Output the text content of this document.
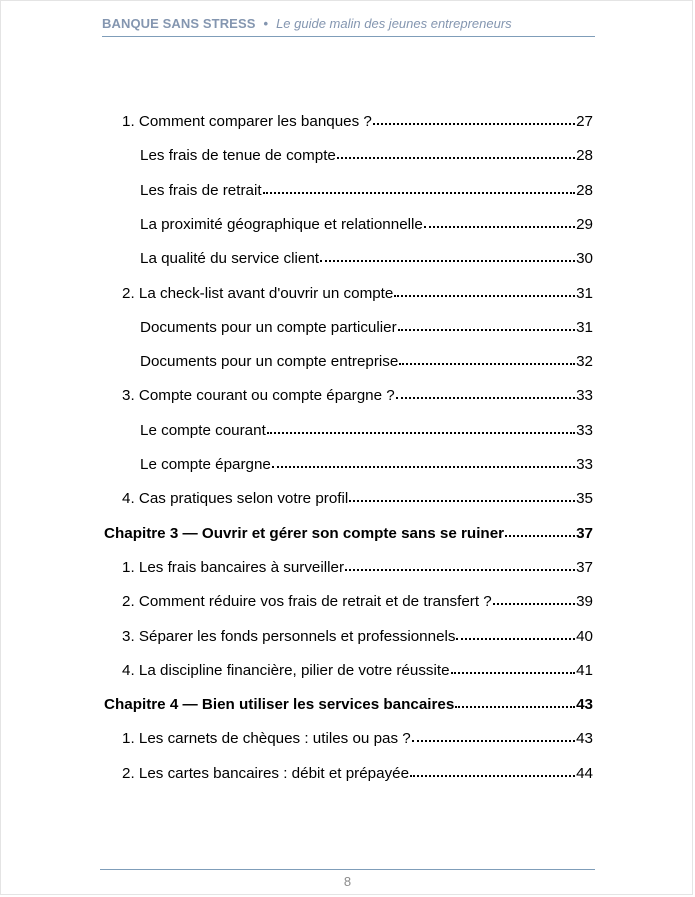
BANQUE SANS STRESS • Le guide malin des jeunes entrepreneurs
1. Comment comparer les banques ?	27
Les frais de tenue de compte	28
Les frais de retrait	28
La proximité géographique et relationnelle	29
La qualité du service client	30
2. La check-list avant d'ouvrir un compte	31
Documents pour un compte particulier	31
Documents pour un compte entreprise	32
3. Compte courant ou compte épargne ?	33
Le compte courant	33
Le compte épargne	33
4. Cas pratiques selon votre profil	35
Chapitre 3 — Ouvrir et gérer son compte sans se ruiner	37
1. Les frais bancaires à surveiller	37
2. Comment réduire vos frais de retrait et de transfert ?	39
3. Séparer les fonds personnels et professionnels	40
4. La discipline financière, pilier de votre réussite	41
Chapitre 4 — Bien utiliser les services bancaires	43
1. Les carnets de chèques : utiles ou pas ?	43
2. Les cartes bancaires : débit et prépayée	44
8
